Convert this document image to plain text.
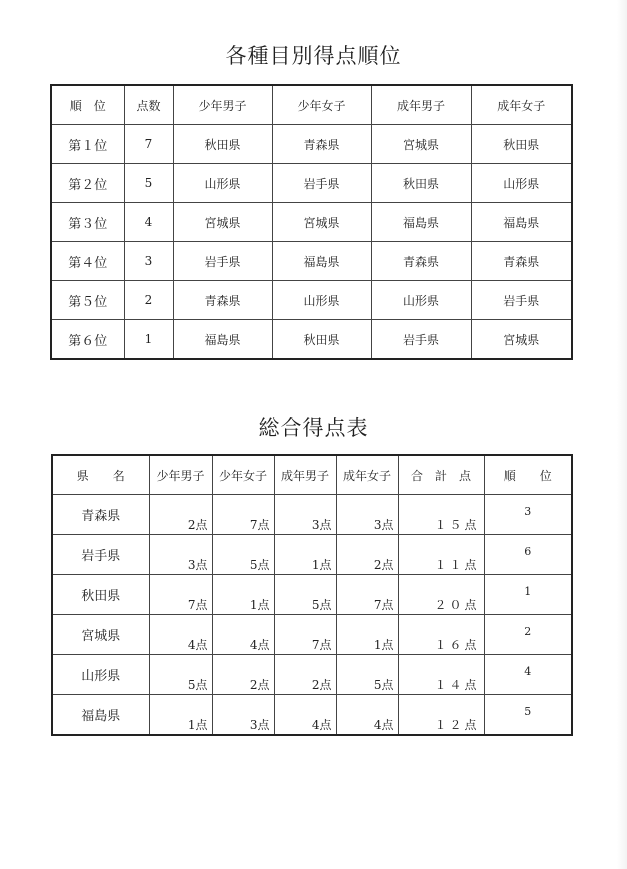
各種目別得点順位
順　位	点数	少年男子	少年女子	成年男子	成年女子
第１位	7	秋田県	青森県	宮城県	秋田県
第２位	5	山形県	岩手県	秋田県	山形県
第３位	4	宮城県	宮城県	福島県	福島県
第４位	3	岩手県	福島県	青森県	青森県
第５位	2	青森県	山形県	山形県	岩手県
第６位	1	福島県	秋田県	岩手県	宮城県
総合得点表
県　　名	少年男子	少年女子	成年男子	成年女子	合　計　点	順　　位
青森県	2点	7点	3点	3点	１５点	3
岩手県	3点	5点	1点	2点	１１点	6
秋田県	7点	1点	5点	7点	２０点	1
宮城県	4点	4点	7点	1点	１６点	2
山形県	5点	2点	2点	5点	１４点	4
福島県	1点	3点	4点	4点	１２点	5
